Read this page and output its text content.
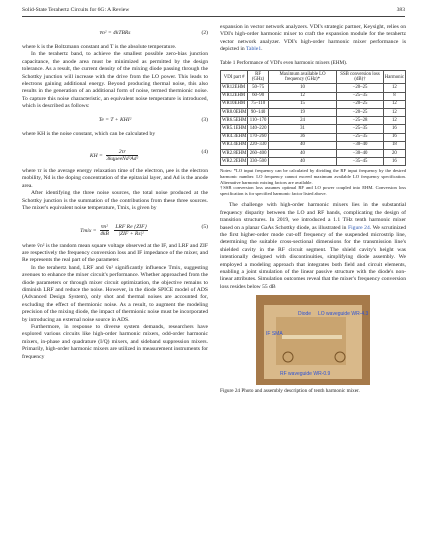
Solid-State Terahertz Circuits for 6G: A Review	383
v̄n² = 4kTBRs	(2)

where k is the Boltzmann constant and T is the absolute temperature.

In the terahertz band, to achieve the smallest possible zero-bias junction capacitance, the anode area must be minimized as permitted by the design tolerance. As a result, the current density of the mixing diode passing through the Schottky junction will increase with the drive from the LO power. This leads to electrons gaining additional energy. Beyond producing thermal noise, this also results in the generation of an additional form of noise, termed thermionic noise. To capture this noise characteristic, an equivalent noise temperature is introduced, which is described as follows:

Te = T + KHI²	(3)

where KH is the noise constant, which can be calculated by

KH = $\frac{2\tau r}{\text{3kqμeeNd²Ad²}}$	(4)

where τr is the average energy relaxation time of the electron, μee is the electron mobility, Nd is the doping concentration of the epitaxial layer, and Ad is the anode area.

After identifying the three noise sources, the total noise produced at the Schottky junction is the summation of the contributions from these three sources. The mixer's equivalent noise temperature, Tmix, is given by

Tmix = $\frac{\text{v̄n²}}{4kB}$
$\frac{\text{LRF Re \{ZIF\}}}{\text{|ZIF + Rs|²}}$	(5)

where v̄n² is the random mean square voltage observed at the IF, and LRF and ZIF are respectively the frequency conversion loss and IF impedance of the mixer, and Re represents the real part of the parameter.

In the terahertz band, LRF and v̄n² significantly influence Tmix, suggesting avenues to enhance the mixer circuit's performance. Whether approached from the diode parameters or through mixer circuit optimization, the objective remains to diminish LRF and reduce the noise. However, in the diode SPICE model of ADS (Advanced Design System), only shot and thermal noises are accounted for, excluding the effect of thermionic noise. As a result, to augment the modeling precision of the mixing diode, the impact of thermionic noise must be incorporated by introducing an external noise source in ADS.

Furthermore, in response to diverse system demands, researchers have explored various circuits like high-order harmonic mixers, odd-order harmonic mixers, in-phase and quadrature (I/Q) mixers, and sideband suppression mixers. Primarily, high-order harmonic mixers are utilized in measurement instruments for frequency

expansion in vector network analyzers. VDI's strategic partner, Keysight, relies on VDI's high-order harmonic mixer to craft the expansion module for the terahertz vector network analyzer. VDI's high-order harmonic mixer performance is depicted in Table1.

Table 1 Performance of VDI's even harmonic mixers (EHM).
VDI part #	RF (GHz)	Maximum available LO frequency (GHz)*	SSB conversion loss (dB)†	Harmonic
WR12EHM	50–75	10	−20–25	12
WR12EHM	60–90	12	−25–35	8
WR10EHM	75–110	15	−20–25	12
WR8.0EHM	90–140	19	−20–25	12
WR6.5EHM	110–170	24	−25–28	12
WR5.1EHM	140–220	31	−25–35	16
WR4.3EHM	170–260	36	−25–35	16
WR3.4EHM	220–330	40	−30–40	18
WR2.8EHM	260–400	40	−30–40	20
WR2.2EHM	330–500	40	−35–45	16
Notes: *LO input frequency can be calculated by dividing the RF input frequency by the desired harmonic number. LO frequency cannot exceed maximum available LO frequency specification. Alternative harmonic mixing factors are available.
†SSB conversion loss assumes optimal RF and LO power coupled into EHM. Conversion loss specification is for specified harmonic factor listed above.

The challenge with high-order harmonic mixers lies in the substantial frequency disparity between the LO and RF bands, complicating the design of transition structures. In 2019, we introduced a 1.1 THz tenth harmonic mixer based on a planar GaAs Schottky diode, as illustrated in Figure 24. We scrutinized the first higher-order mode cut-off frequency of the suspended microstrip line, determining the suitable cross-sectional dimensions for the transmission line's shielded cavity in the RF circuit segment. The shield cavity's height was intentionally designed with discontinuities, simplifying diode assembly. We employed a modeling approach that integrates both field and circuit elements, enabling a joint simulation of the linear passive structure with the diode's non-linear attributes. Simulation outcomes reveal that the mixer's frequency conversion loss resides below 55 dB

Diode LO waveguide WR-4.3
IF SMA
RF waveguide WR-0.9
Figure 24 Photo and assembly description of tenth harmonic mixer.
